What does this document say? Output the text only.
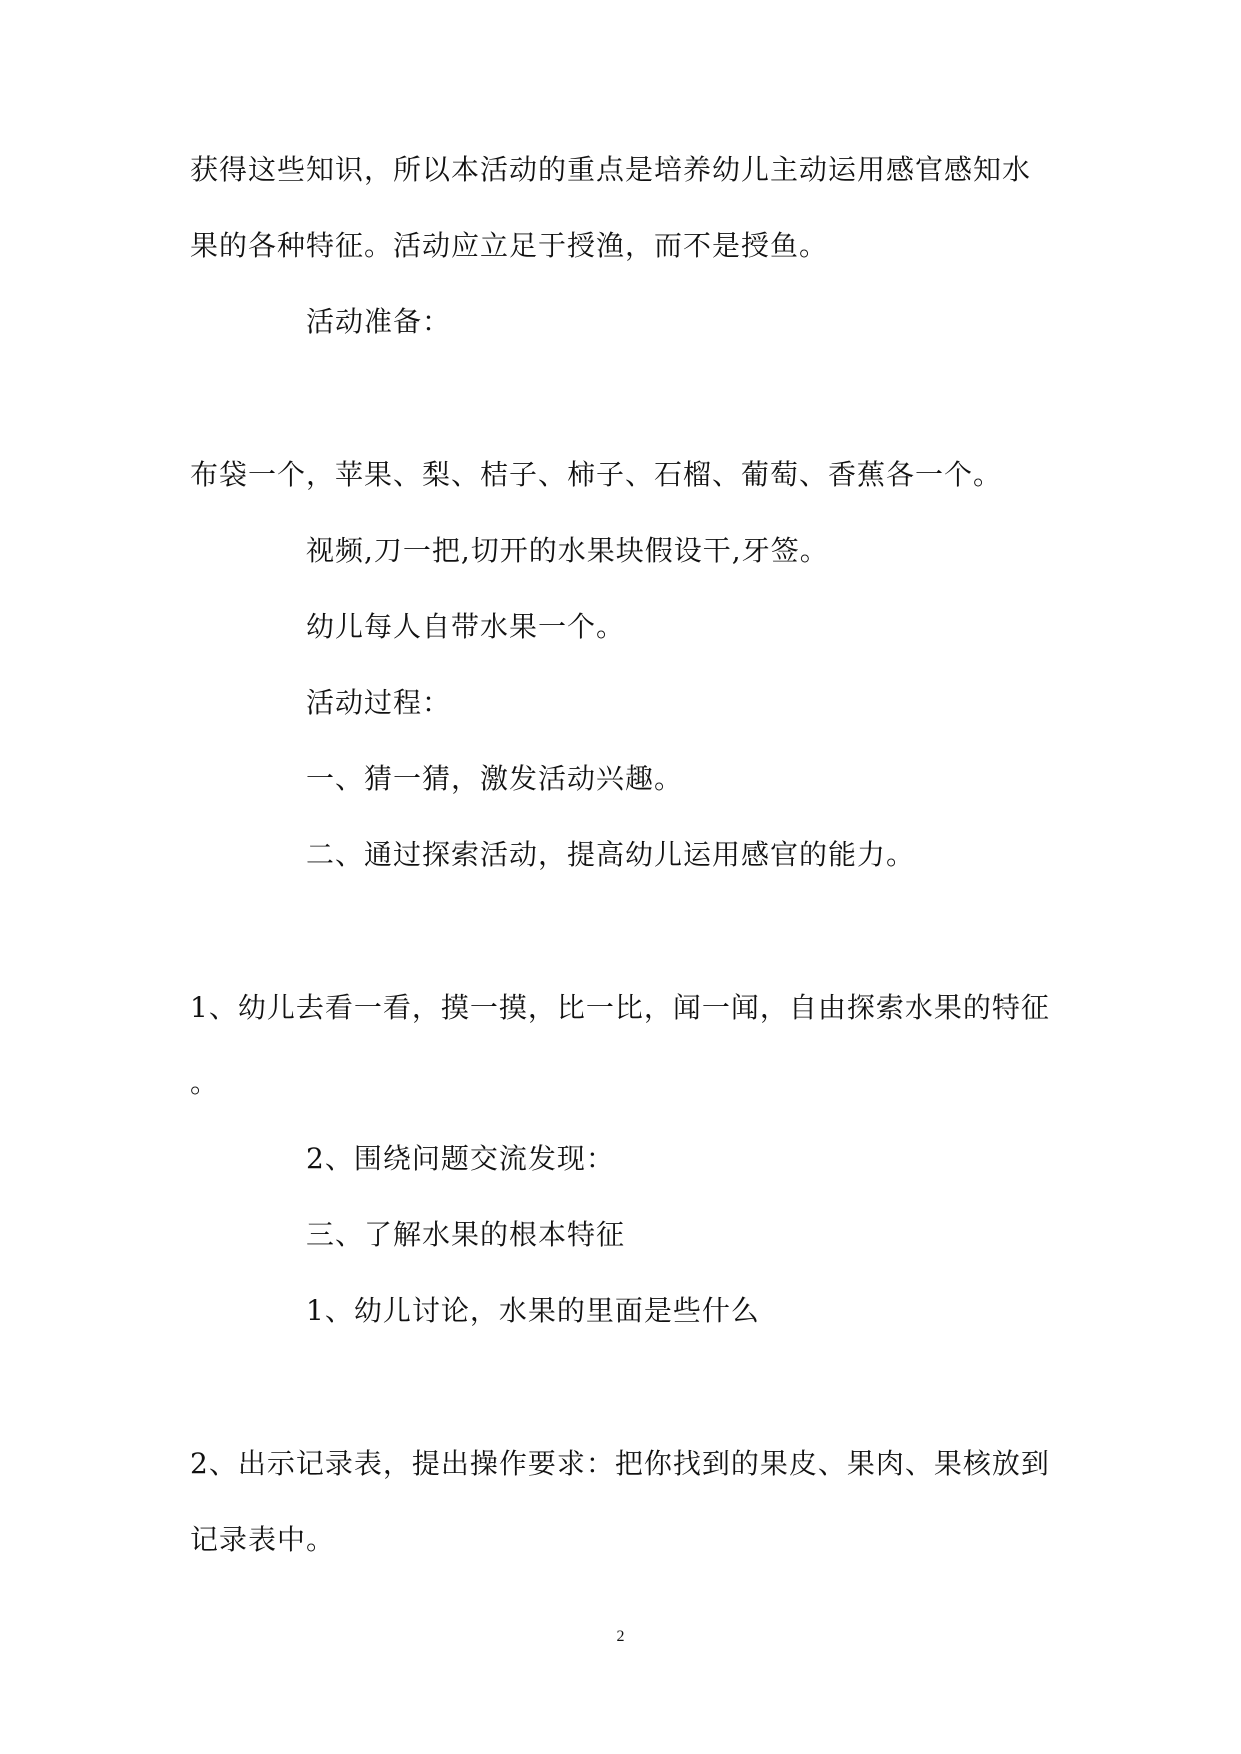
获得这些知识，所以本活动的重点是培养幼儿主动运用感官感知水
果的各种特征。活动应立足于授渔，而不是授鱼。
活动准备：
布袋一个，苹果、梨、桔子、柿子、石榴、葡萄、香蕉各一个。
视频,刀一把,切开的水果块假设干,牙签。
幼儿每人自带水果一个。
活动过程：
一、猜一猜，激发活动兴趣。
二、通过探索活动，提高幼儿运用感官的能力。
1、幼儿去看一看，摸一摸，比一比，闻一闻，自由探索水果的特征
。
2、围绕问题交流发现：
三、了解水果的根本特征
1、幼儿讨论，水果的里面是些什么
2、出示记录表，提出操作要求：把你找到的果皮、果肉、果核放到
记录表中。
2
